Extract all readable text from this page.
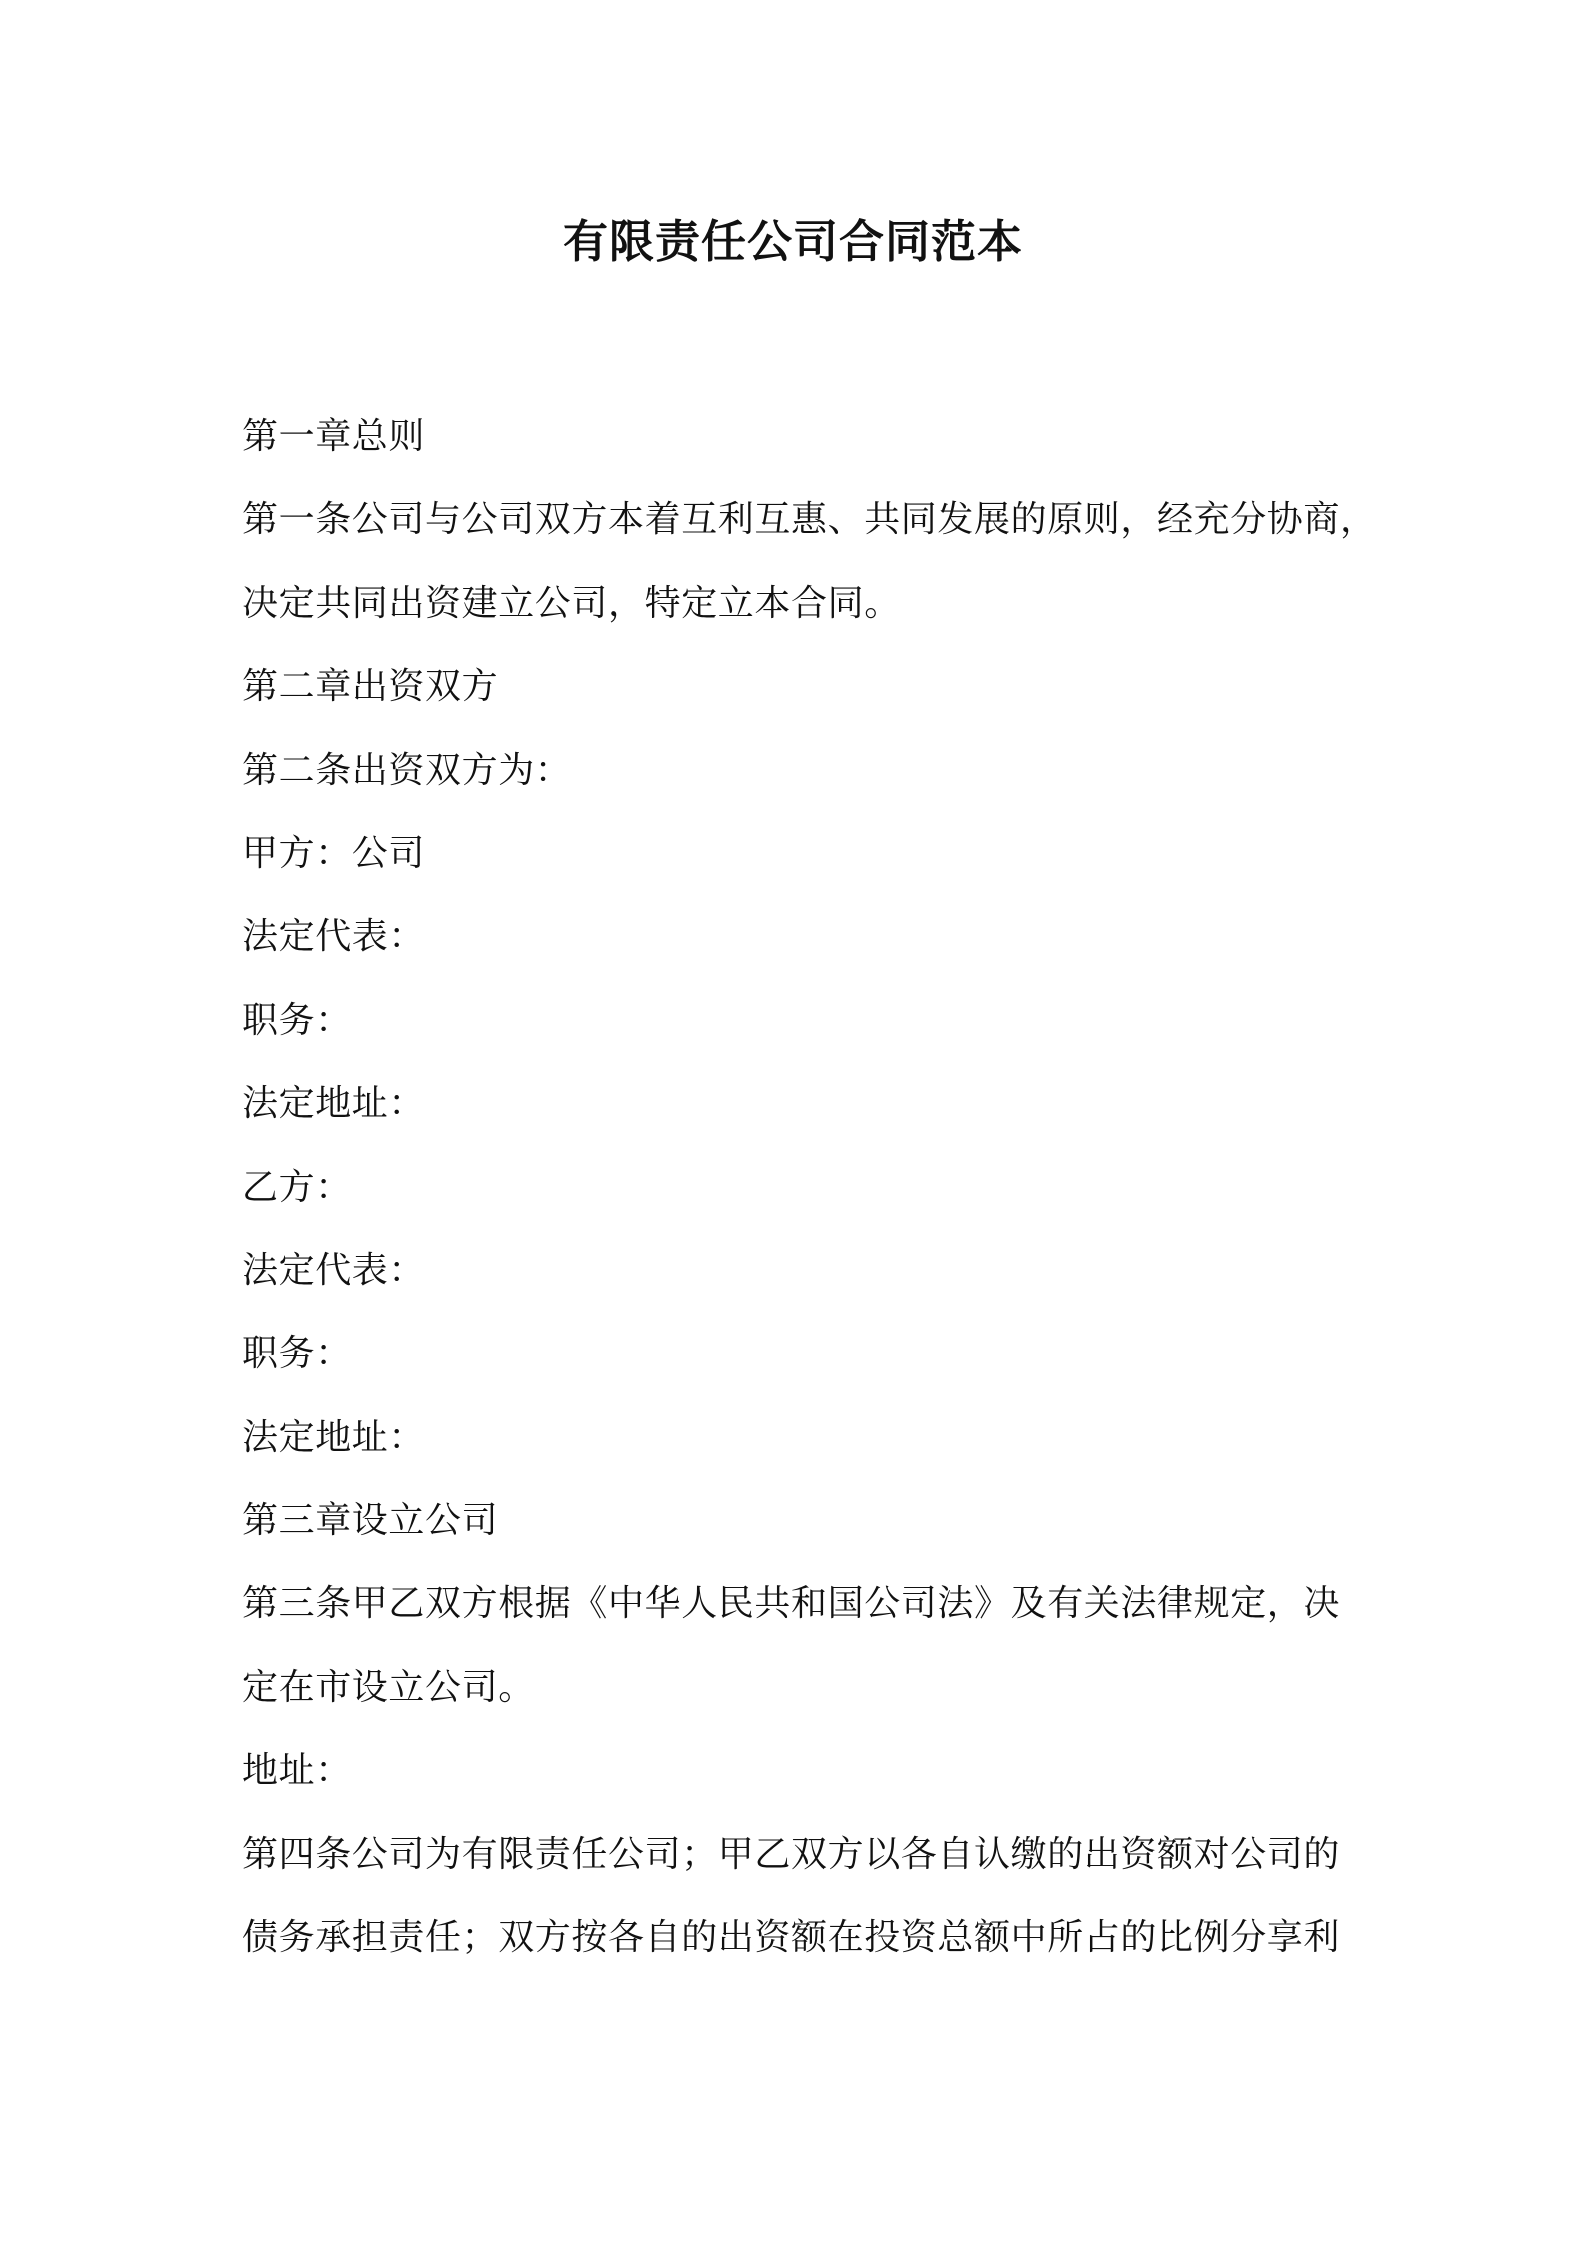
有限责任公司合同范本
第一章总则
第一条公司与公司双方本着互利互惠、共同发展的原则，经充分协商，
决定共同出资建立公司，特定立本合同。
第二章出资双方
第二条出资双方为：
甲方：公司
法定代表：
职务：
法定地址：
乙方：
法定代表：
职务：
法定地址：
第三章设立公司
第三条甲乙双方根据《中华人民共和国公司法》及有关法律规定，决
定在市设立公司。
地址：
第四条公司为有限责任公司；甲乙双方以各自认缴的出资额对公司的
债务承担责任；双方按各自的出资额在投资总额中所占的比例分享利
